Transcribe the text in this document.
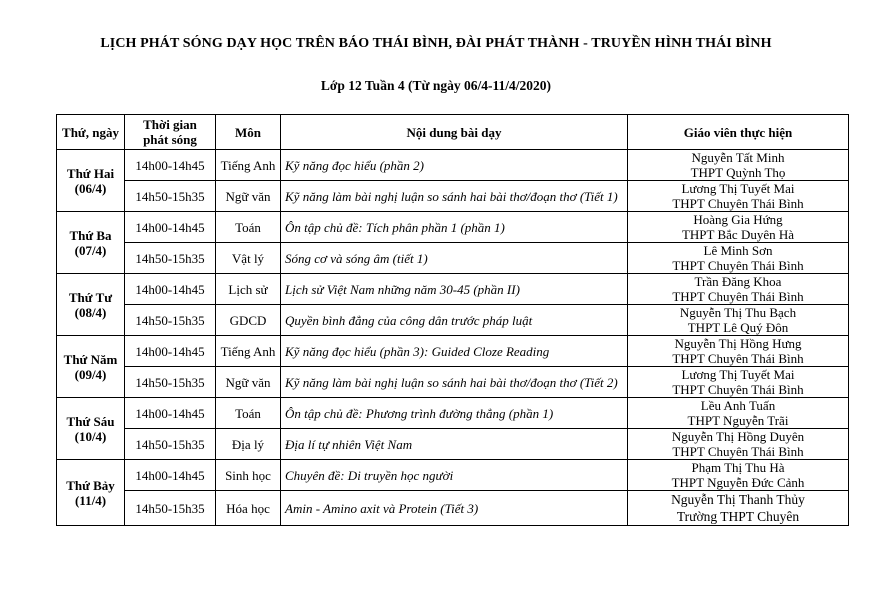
LỊCH PHÁT SÓNG DẠY HỌC TRÊN BÁO THÁI BÌNH, ĐÀI PHÁT THÀNH - TRUYỀN HÌNH THÁI BÌNH
Lớp 12 Tuần 4 (Từ ngày 06/4-11/4/2020)
Thứ, ngày	Thời gian phát sóng	Môn	Nội dung bài dạy	Giáo viên thực hiện

Thứ Hai
(06/4)	14h00-14h45	Tiếng Anh	Kỹ năng đọc hiểu (phần 2)	Nguyễn Tất Minh
THPT Quỳnh Thọ

	14h50-15h35	Ngữ văn	Kỹ năng làm bài nghị luận so sánh hai bài thơ/đoạn thơ (Tiết 1)	Lương Thị Tuyết Mai
THPT Chuyên Thái Bình

Thứ Ba
(07/4)	14h00-14h45	Toán	Ôn tập chủ đề: Tích phân phần 1 (phần 1)	Hoàng Gia Hứng
THPT Bắc Duyên Hà

	14h50-15h35	Vật lý	Sóng cơ và sóng âm (tiết 1)	Lê Minh Sơn
THPT Chuyên Thái Bình

Thứ Tư
(08/4)	14h00-14h45	Lịch sử	Lịch sử Việt Nam những năm 30-45 (phần II)	Trần Đăng Khoa
THPT Chuyên Thái Bình

	14h50-15h35	GDCD	Quyền bình đẳng của công dân trước pháp luật	Nguyễn Thị Thu Bạch
THPT Lê Quý Đôn

Thứ Năm
(09/4)	14h00-14h45	Tiếng Anh	Kỹ năng đọc hiểu (phần 3): Guided Cloze Reading	Nguyễn Thị Hồng Hưng
THPT Chuyên Thái Bình

	14h50-15h35	Ngữ văn	Kỹ năng làm bài nghị luận so sánh hai bài thơ/đoạn thơ (Tiết 2)	Lương Thị Tuyết Mai
THPT Chuyên Thái Bình

Thứ Sáu
(10/4)	14h00-14h45	Toán	Ôn tập chủ đề: Phương trình đường thẳng (phần 1)	Lều Anh Tuấn
THPT Nguyễn Trãi

	14h50-15h35	Địa lý	Địa lí tự nhiên Việt Nam	Nguyễn Thị Hồng Duyên
THPT Chuyên Thái Bình

Thứ Bảy
(11/4)	14h00-14h45	Sinh học	Chuyên đề: Di truyền học người	Phạm Thị Thu Hà
THPT Nguyễn Đức Cảnh

	14h50-15h35	Hóa học	Amin - Amino axit và Protein (Tiết 3)	Nguyễn Thị Thanh Thủy
Trường THPT Chuyên
